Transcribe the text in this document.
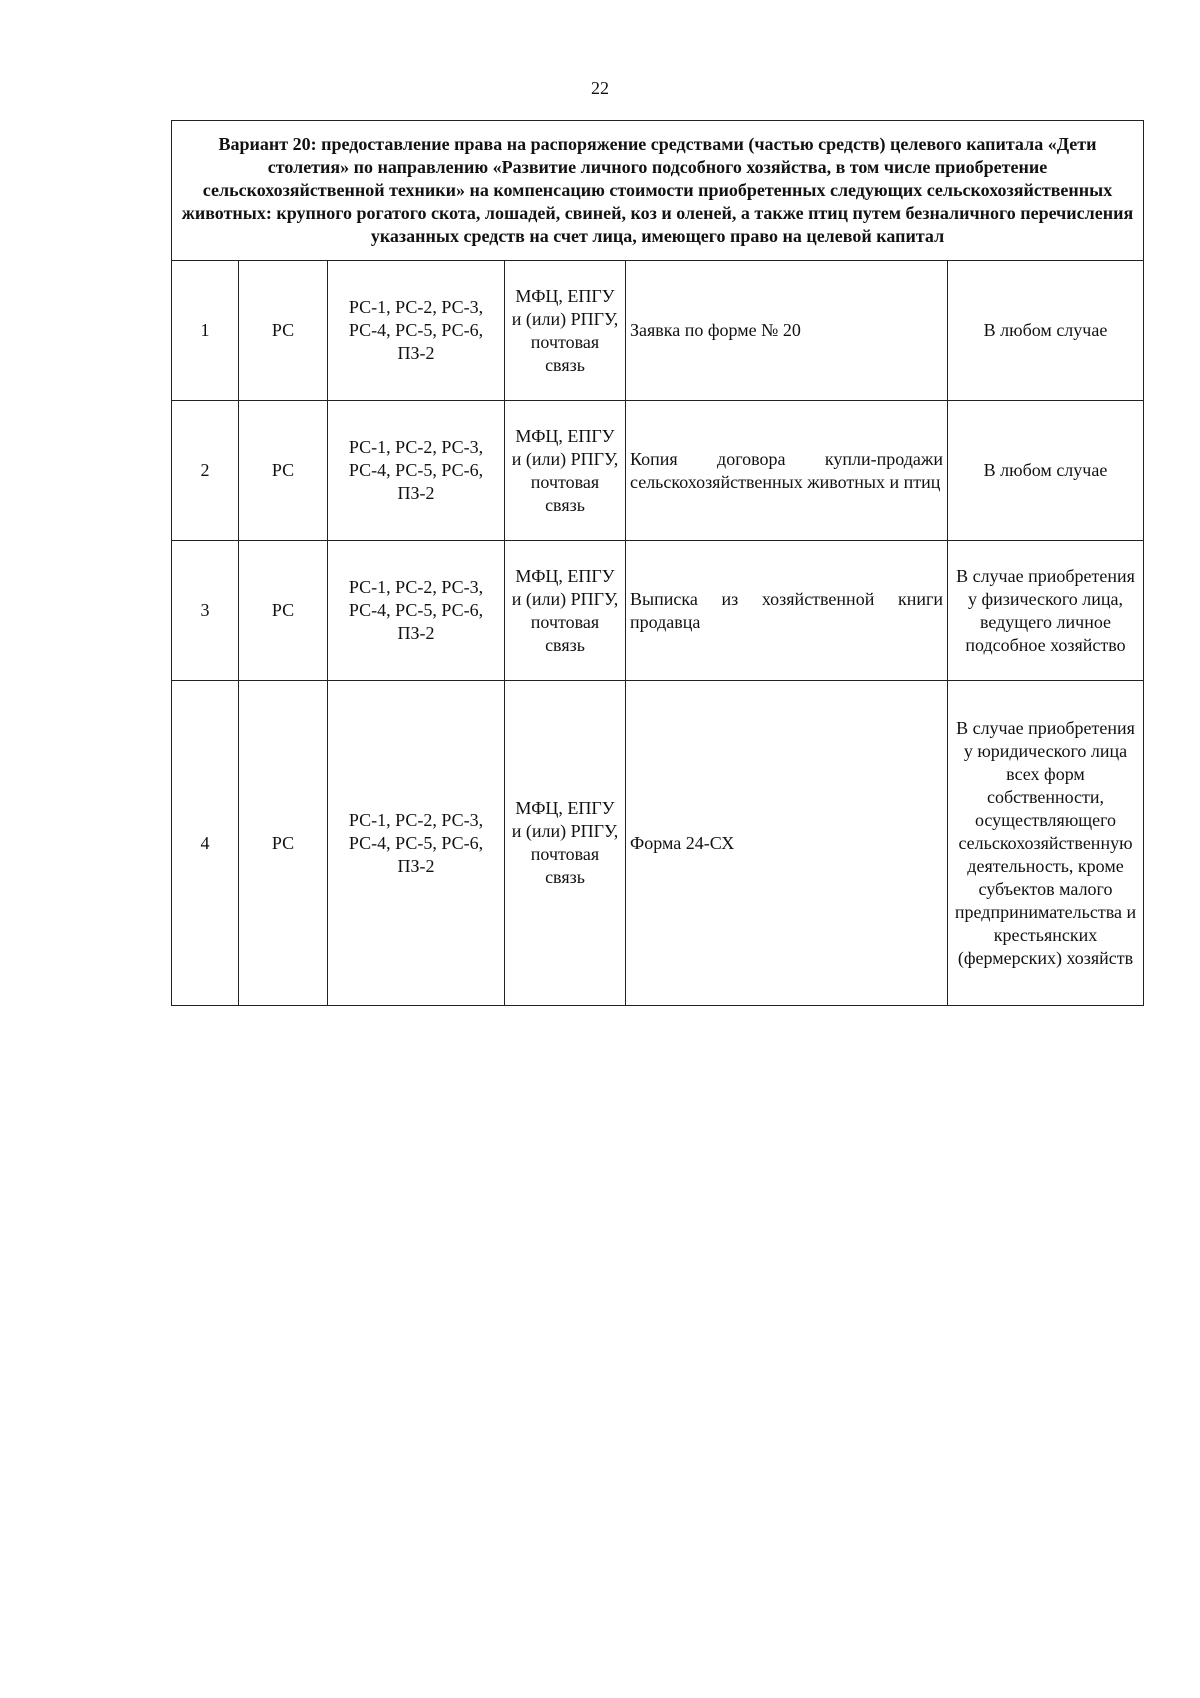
22
Вариант 20: предоставление права на распоряжение средствами (частью средств) целевого капитала «Дети столетия» по направлению «Развитие личного подсобного хозяйства, в том числе приобретение сельскохозяйственной техники» на компенсацию стоимости приобретенных следующих сельскохозяйственных животных: крупного рогатого скота, лошадей, свиней, коз и оленей, а также птиц путем безналичного перечисления указанных средств на счет лица, имеющего право на целевой капитал					
1	РС	РС-1, РС-2, РС-3, РС-4, РС-5, РС-6, ПЗ-2	МФЦ, ЕПГУ и (или) РПГУ, почтовая связь	Заявка по форме № 20	В любом случае
2	РС	РС-1, РС-2, РС-3, РС-4, РС-5, РС-6, ПЗ-2	МФЦ, ЕПГУ и (или) РПГУ, почтовая связь	Копия договора купли-продажи сельскохозяйственных животных и птиц	В любом случае
3	РС	РС-1, РС-2, РС-3, РС-4, РС-5, РС-6, ПЗ-2	МФЦ, ЕПГУ и (или) РПГУ, почтовая связь	Выписка из хозяйственной книги продавца	В случае приобретения у физического лица, ведущего личное подсобное хозяйство
4	РС	РС-1, РС-2, РС-3, РС-4, РС-5, РС-6, ПЗ-2	МФЦ, ЕПГУ и (или) РПГУ, почтовая связь	Форма 24-СХ	В случае приобретения у юридического лица всех форм собственности, осуществляющего сельскохозяйственную деятельность, кроме субъектов малого предпринимательства и крестьянских (фермерских) хозяйств
